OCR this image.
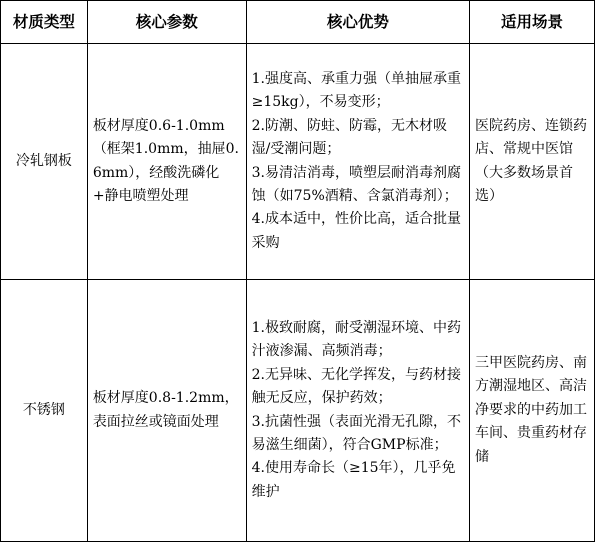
材质类型	核心参数	核心优势	适用场景
冷轧钢板	板材厚度0.6-1.0mm（框架1.0mm，抽屉0.6mm），经酸洗磷化+静电喷塑处理	1.强度高、承重力强（单抽屉承重≥15kg），不易变形；
2.防潮、防蛀、防霉，无木材吸湿/受潮问题；
3.易清洁消毒，喷塑层耐消毒剂腐蚀（如75%酒精、含氯消毒剂）；
4.成本适中，性价比高，适合批量采购	医院药房、连锁药店、常规中医馆（大多数场景首选）
不锈钢	板材厚度0.8-1.2mm，表面拉丝或镜面处理	1.极致耐腐，耐受潮湿环境、中药汁液渗漏、高频消毒；
2.无异味、无化学挥发，与药材接触无反应，保护药效；
3.抗菌性强（表面光滑无孔隙，不易滋生细菌），符合GMP标准；
4.使用寿命长（≥15年），几乎免维护	三甲医院药房、南方潮湿地区、高洁净要求的中药加工车间、贵重药材存储
